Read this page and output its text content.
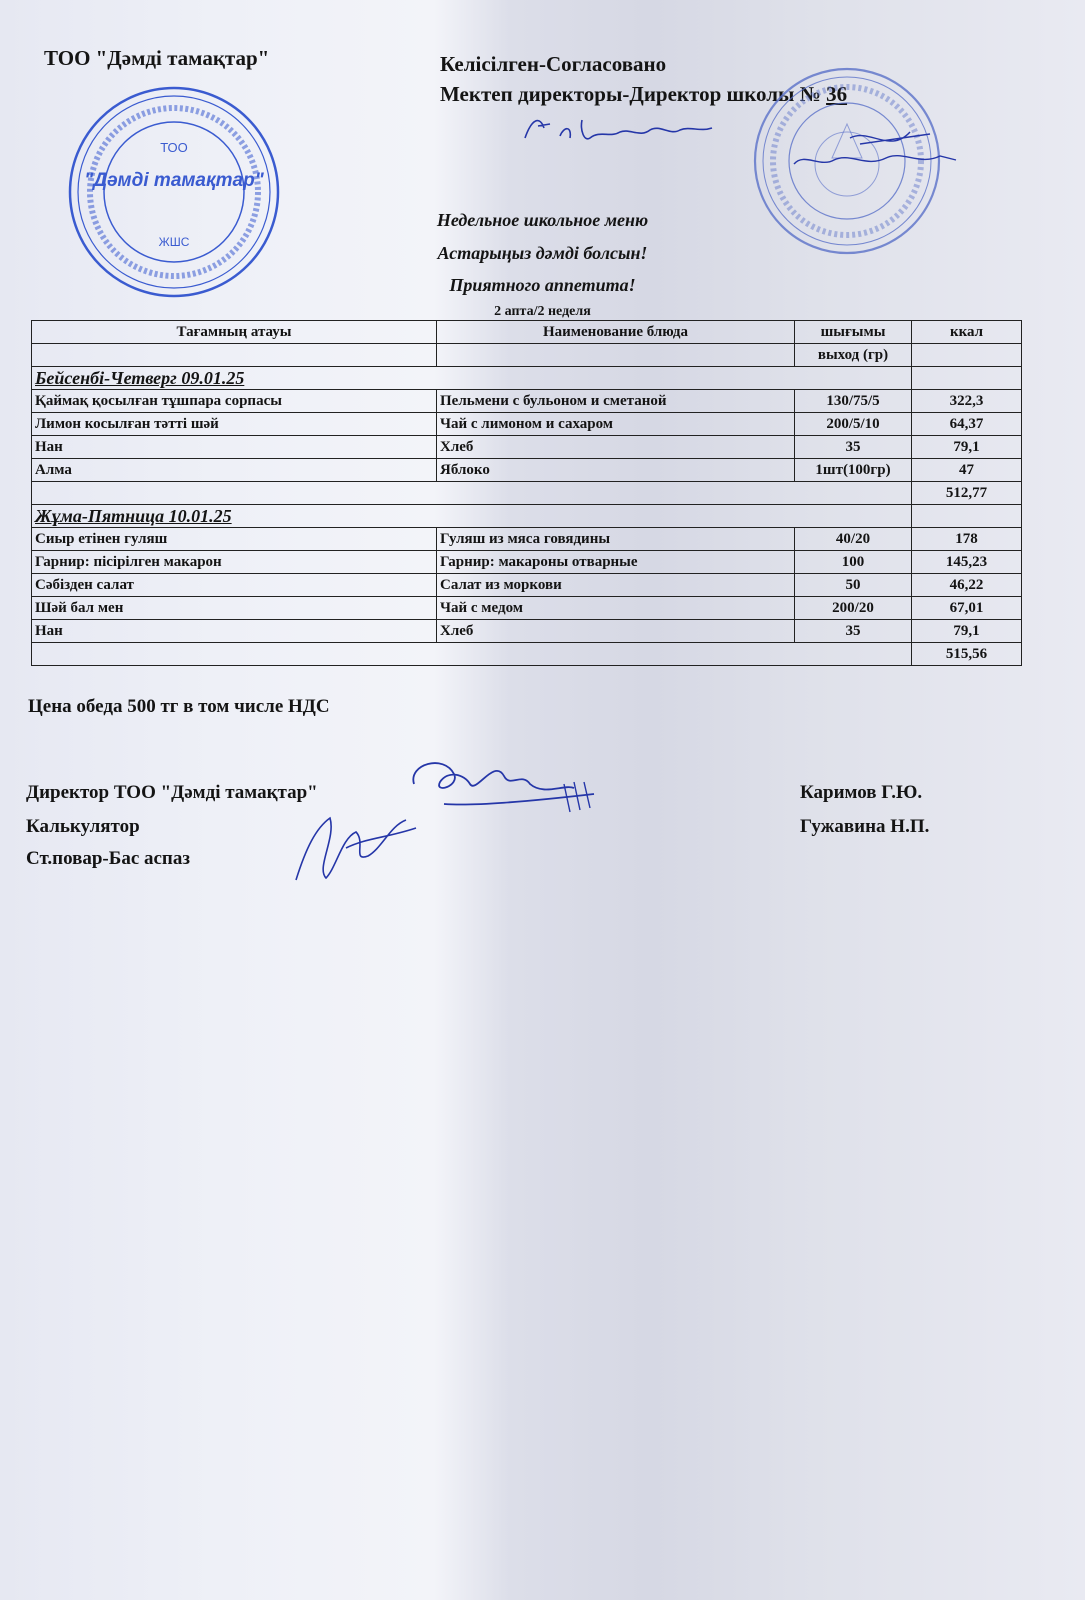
ТОО "Дәмді тамақтар"	Келісілген-Согласовано
Мектеп директоры-Директор школы № 36
ТОО
"Дәмді тамақтар"
ЖШС
Недельное школьное меню
Астарыңыз дәмді болсын!
Приятного аппетита!
2 апта/2 неделя
Тағамның атауы	Наименование блюда	шығымы	ккал
		выход (гр)	
Бейсенбі-Четверг 09.01.25			
Қаймақ қосылған тұшпара сорпасы	Пельмени с бульоном и сметаной	130/75/5	322,3
Лимон косылған тәтті шәй	Чай с лимоном и сахаром	200/5/10	64,37
Нан	Хлеб	35	79,1
Алма	Яблоко	1шт(100гр)	47
			512,77
Жұма-Пятница 10.01.25			
Сиыр етінен гуляш	Гуляш из мяса говядины	40/20	178
Гарнир: пісірілген макарон	Гарнир: макароны отварные	100	145,23
Сәбізден салат	Салат из моркови	50	46,22
Шәй бал мен	Чай с медом	200/20	67,01
Нан	Хлеб	35	79,1
			515,56
Цена обеда 500 тг в том числе НДС
Директор ТОО "Дәмді тамақтар"	Каримов Г.Ю.
Калькулятор	Гужавина Н.П.
Ст.повар-Бас аспаз
